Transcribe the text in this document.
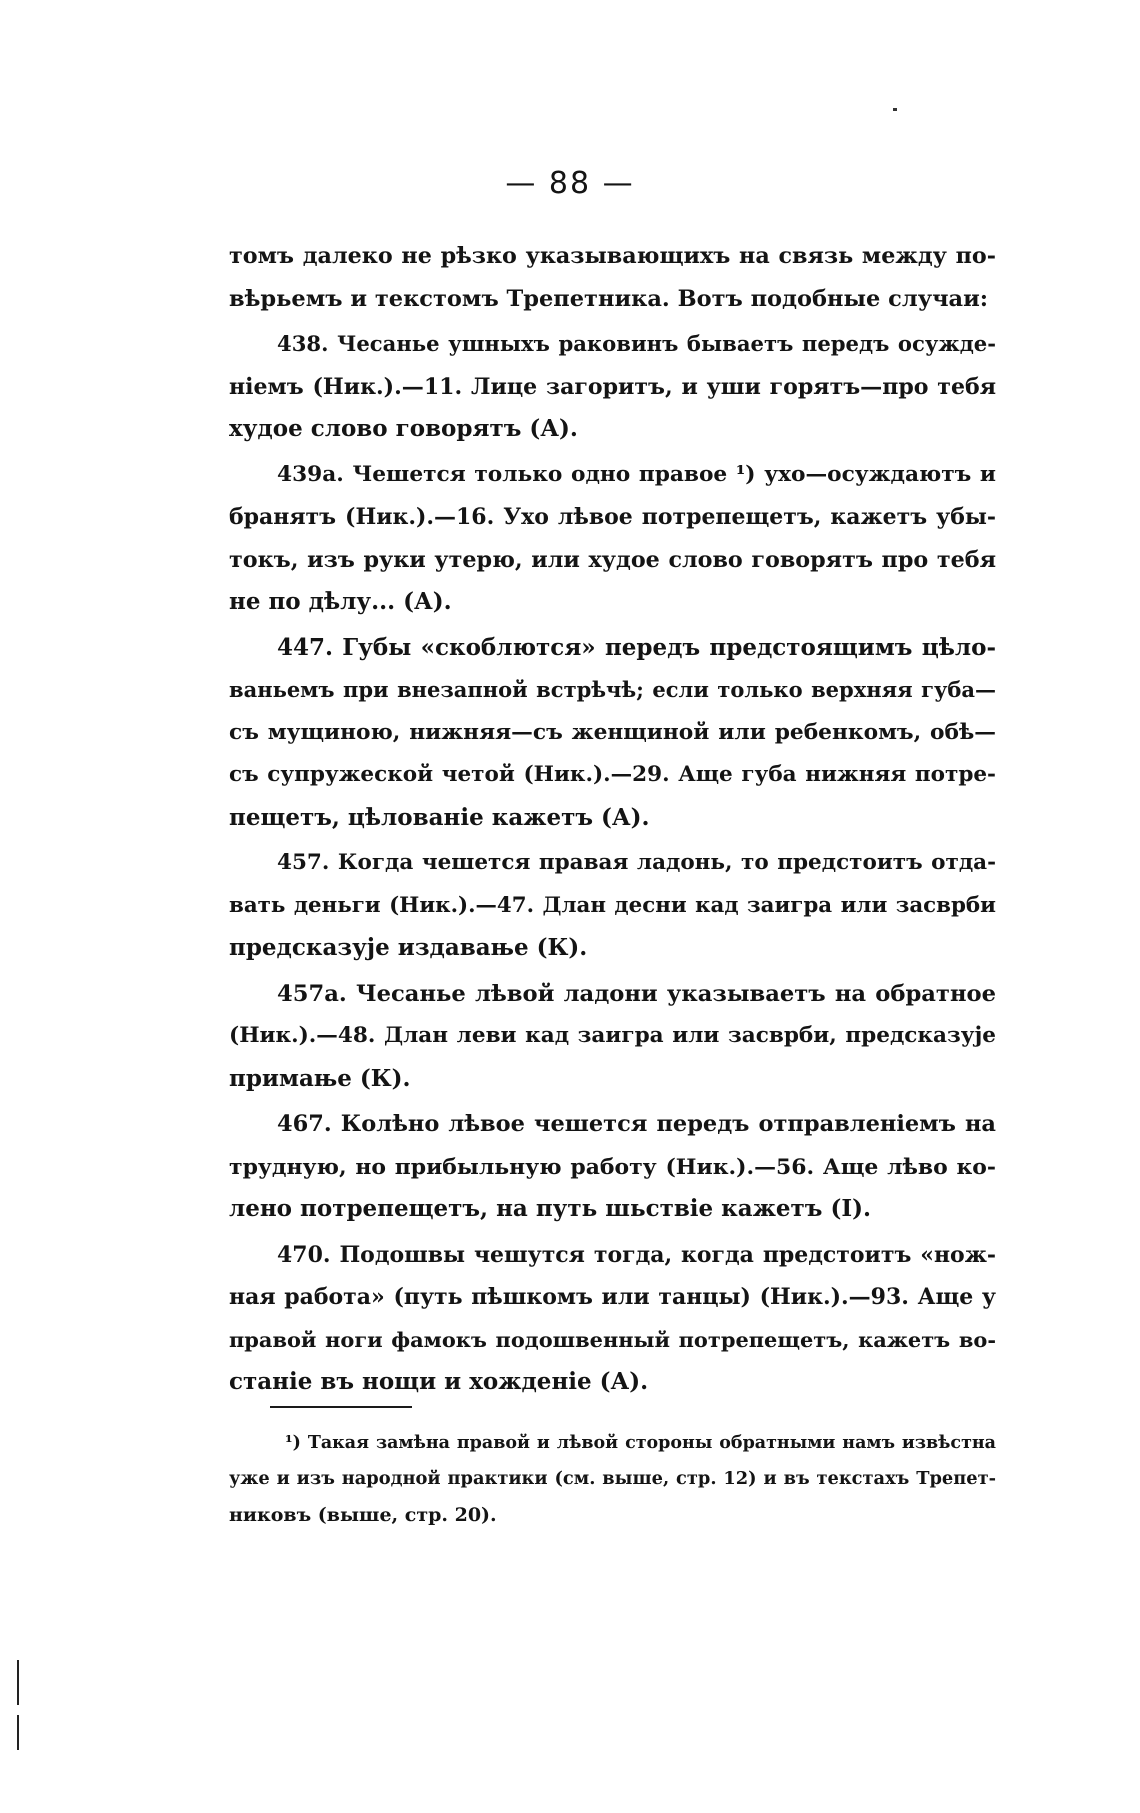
— 88 —

томъ далеко не рѣзко указывающихъ на связь между по-
вѣрьемъ и текстомъ Трепетника. Вотъ подобные случаи:

438. Чесанье ушныхъ раковинъ бываетъ передъ осужде-
ніемъ (Ник.).—11. Лице загоритъ, и уши горятъ—про тебя
худое слово говорятъ (А).

439а. Чешется только одно правое ¹) ухо—осуждаютъ и
бранятъ (Ник.).—16. Ухо лѣвое потрепещетъ, кажетъ убы-
токъ, изъ руки утерю, или худое слово говорятъ про тебя
не по дѣлу... (А).

447. Губы «скоблются» передъ предстоящимъ цѣло-
ваньемъ при внезапной встрѣчѣ; если только верхняя губа—
съ мущиною, нижняя—съ женщиной или ребенкомъ, обѣ—
съ супружеской четой (Ник.).—29. Аще губа нижняя потре-
пещетъ, цѣлованіе кажетъ (А).

457. Когда чешется правая ладонь, то предстоитъ отда-
вать деньги (Ник.).—47. Длан десни кад заигра или засврби
предсказуjе издавање (К).

457а. Чесанье лѣвой ладони указываетъ на обратное
(Ник.).—48. Длан леви кад заигра или засврби, предсказуjе
примање (К).

467. Колѣно лѣвое чешется передъ отправленіемъ на
трудную, но прибыльную работу (Ник.).—56. Аще лѣво ко-
лено потрепещетъ, на путь шьствіе кажетъ (I).

470. Подошвы чешутся тогда, когда предстоитъ «нож-
ная работа» (путь пѣшкомъ или танцы) (Ник.).—93. Аще у
правой ноги фамокъ подошвенный потрепещетъ, кажетъ во-
станіе въ нощи и хожденіе (А).

¹) Такая замѣна правой и лѣвой стороны обратными намъ извѣстна
уже и изъ народной практики (см. выше, стр. 12) и въ текстахъ Трепет-
никовъ (выше, стр. 20).
